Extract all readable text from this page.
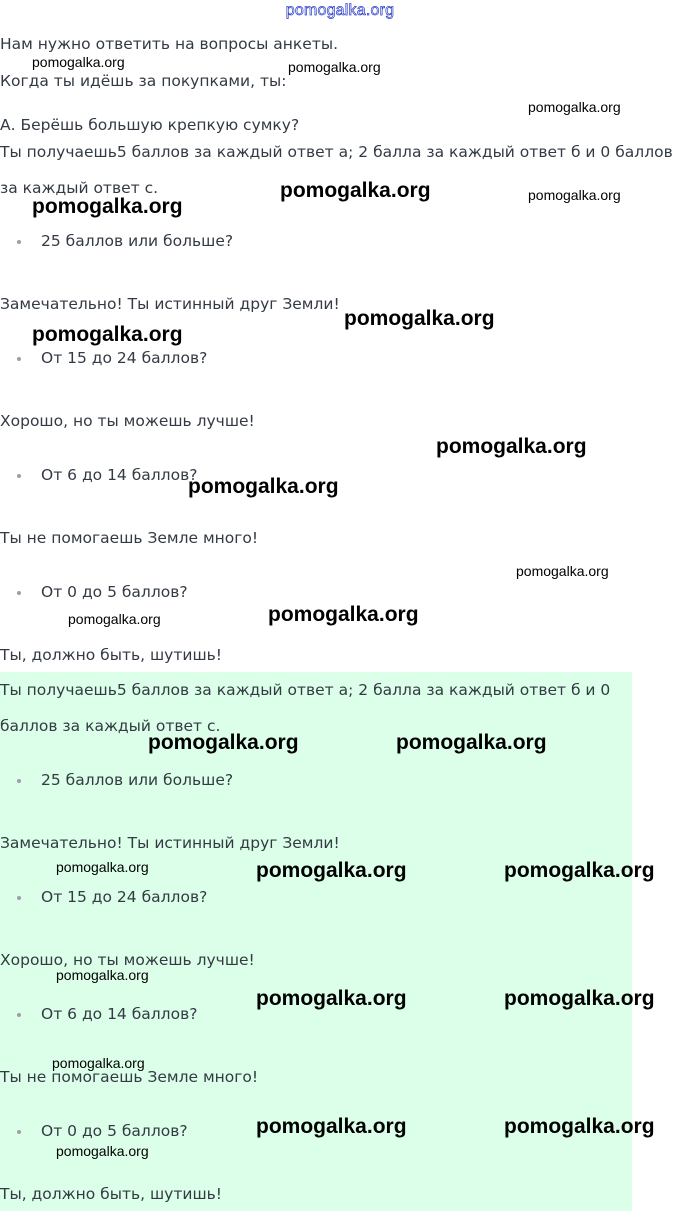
pomogalka.org
Нам нужно ответить на вопросы анкеты.
Когда ты идёшь за покупками, ты:
А. Берёшь большую крепкую сумку?
Ты получаешь5 баллов за каждый ответ а; 2 балла за каждый ответ б и 0 баллов
за каждый ответ с.
25 баллов или больше?
Замечательно! Ты истинный друг Земли!
От 15 до 24 баллов?
Хорошо, но ты можешь лучше!
От 6 до 14 баллов?
Ты не помогаешь Земле много!
От 0 до 5 баллов?
Ты, должно быть, шутишь!
Ты получаешь5 баллов за каждый ответ а; 2 балла за каждый ответ б и 0
баллов за каждый ответ с.
25 баллов или больше?
Замечательно! Ты истинный друг Земли!
От 15 до 24 баллов?
Хорошо, но ты можешь лучше!
От 6 до 14 баллов?
Ты не помогаешь Земле много!
От 0 до 5 баллов?
Ты, должно быть, шутишь!
pomogalka.org	pomogalka.org
pomogalka.org
pomogalka.org	pomogalka.org
pomogalka.org
pomogalka.org
pomogalka.org
pomogalka.org
pomogalka.org
pomogalka.org
pomogalka.org
pomogalka.org
pomogalka.org	pomogalka.org
pomogalka.org	pomogalka.org	pomogalka.org
pomogalka.org
pomogalka.org	pomogalka.org
pomogalka.org
pomogalka.org	pomogalka.org
pomogalka.org
